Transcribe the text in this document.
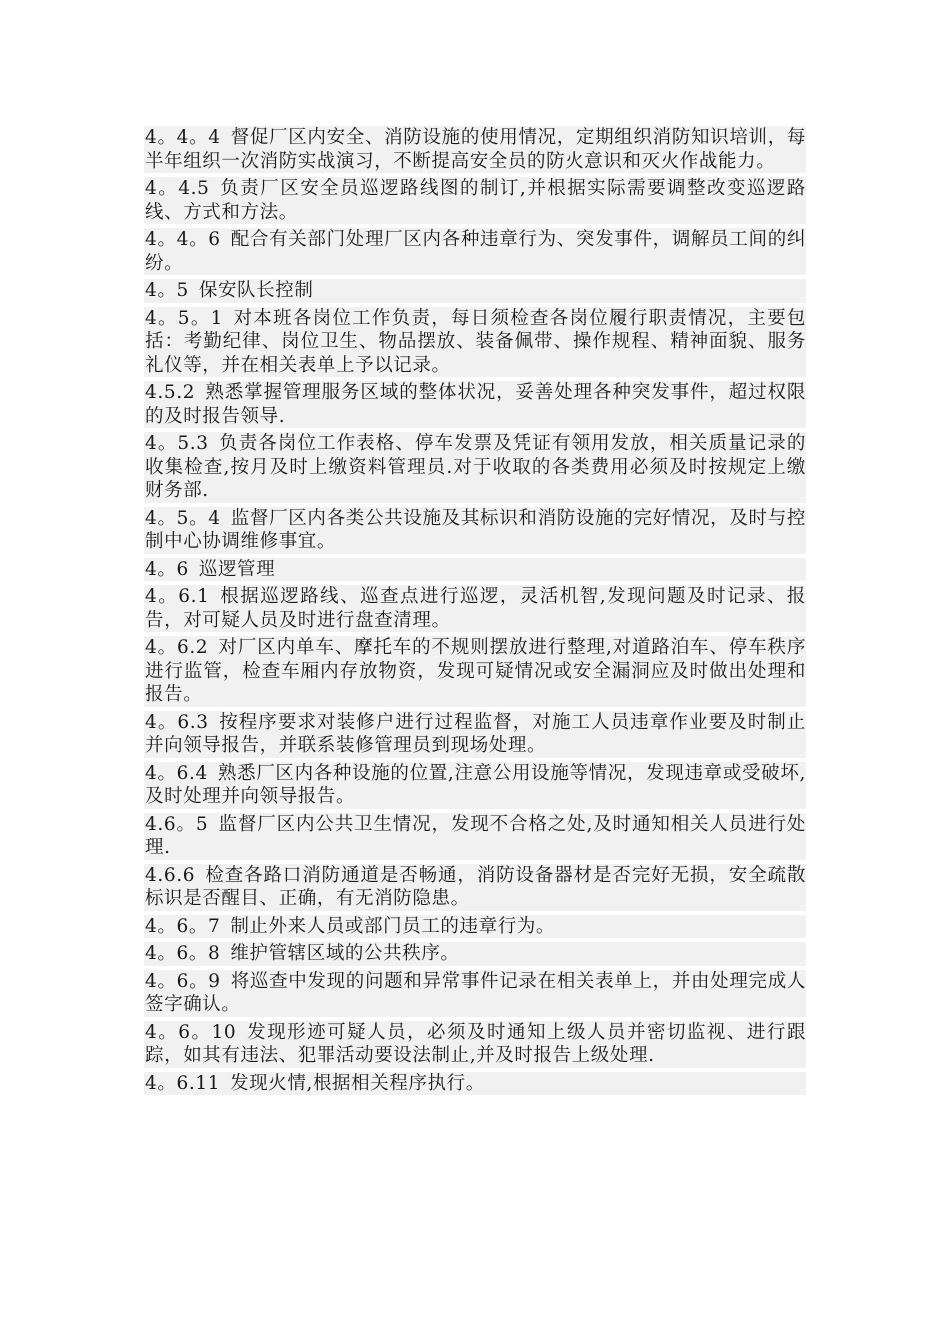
4。4。4 督促厂区内安全、消防设施的使用情况，定期组织消防知识培训，每半年组织一次消防实战演习，不断提高安全员的防火意识和灭火作战能力。

4。4.5 负责厂区安全员巡逻路线图的制订,并根据实际需要调整改变巡逻路线、方式和方法。

4。4。6 配合有关部门处理厂区内各种违章行为、突发事件，调解员工间的纠纷。

4。5 保安队长控制

4。5。1 对本班各岗位工作负责，每日须检查各岗位履行职责情况，主要包括：考勤纪律、岗位卫生、物品摆放、装备佩带、操作规程、精神面貌、服务礼仪等，并在相关表单上予以记录。

4.5.2 熟悉掌握管理服务区域的整体状况，妥善处理各种突发事件，超过权限的及时报告领导.

4。5.3 负责各岗位工作表格、停车发票及凭证有领用发放，相关质量记录的收集检查,按月及时上缴资料管理员.对于收取的各类费用必须及时按规定上缴财务部.

4。5。4 监督厂区内各类公共设施及其标识和消防设施的完好情况，及时与控制中心协调维修事宜。

4。6 巡逻管理

4。6.1 根据巡逻路线、巡查点进行巡逻，灵活机智,发现问题及时记录、报告，对可疑人员及时进行盘查清理。

4。6.2 对厂区内单车、摩托车的不规则摆放进行整理,对道路泊车、停车秩序进行监管，检查车厢内存放物资，发现可疑情况或安全漏洞应及时做出处理和报告。

4。6.3 按程序要求对装修户进行过程监督，对施工人员违章作业要及时制止并向领导报告，并联系装修管理员到现场处理。

4。6.4 熟悉厂区内各种设施的位置,注意公用设施等情况，发现违章或受破坏,及时处理并向领导报告。

4.6。5 监督厂区内公共卫生情况，发现不合格之处,及时通知相关人员进行处理.

4.6.6 检查各路口消防通道是否畅通，消防设备器材是否完好无损，安全疏散标识是否醒目、正确，有无消防隐患。

4。6。7 制止外来人员或部门员工的违章行为。

4。6。8 维护管辖区域的公共秩序。

4。6。9 将巡查中发现的问题和异常事件记录在相关表单上，并由处理完成人签字确认。

4。6。10 发现形迹可疑人员，必须及时通知上级人员并密切监视、进行跟踪，如其有违法、犯罪活动要设法制止,并及时报告上级处理.

4。6.11 发现火情,根据相关程序执行。
